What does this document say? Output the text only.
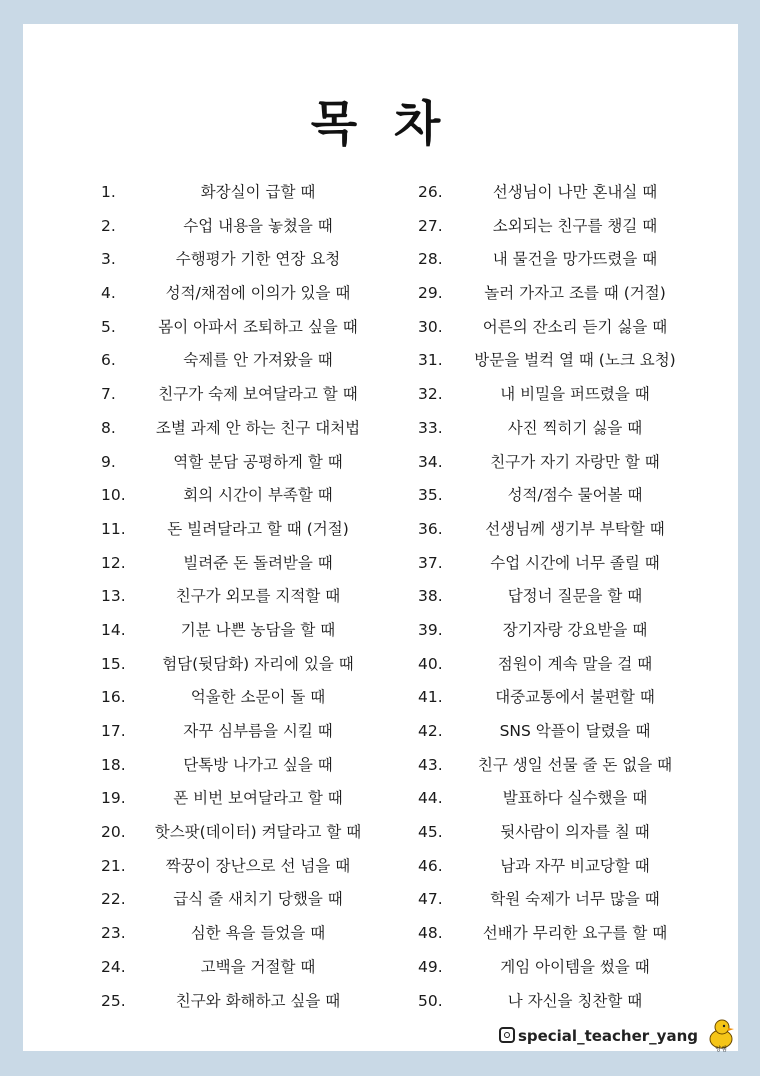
목 차
1.	화장실이 급할 때
2.	수업 내용을 놓쳤을 때
3.	수행평가 기한 연장 요청
4.	성적/채점에 이의가 있을 때
5.	몸이 아파서 조퇴하고 싶을 때
6.	숙제를 안 가져왔을 때
7.	친구가 숙제 보여달라고 할 때
8.	조별 과제 안 하는 친구 대처법
9.	역할 분담 공평하게 할 때
10.	회의 시간이 부족할 때
11.	돈 빌려달라고 할 때 (거절)
12.	빌려준 돈 돌려받을 때
13.	친구가 외모를 지적할 때
14.	기분 나쁜 농담을 할 때
15.	험담(뒷담화) 자리에 있을 때
16.	억울한 소문이 돌 때
17.	자꾸 심부름을 시킬 때
18.	단톡방 나가고 싶을 때
19.	폰 비번 보여달라고 할 때
20.	핫스팟(데이터) 켜달라고 할 때
21.	짝꿍이 장난으로 선 넘을 때
22.	급식 줄 새치기 당했을 때
23.	심한 욕을 들었을 때
24.	고백을 거절할 때
25.	친구와 화해하고 싶을 때
26.	선생님이 나만 혼내실 때
27.	소외되는 친구를 챙길 때
28.	내 물건을 망가뜨렸을 때
29.	놀러 가자고 조를 때 (거절)
30.	어른의 잔소리 듣기 싫을 때
31.	방문을 벌컥 열 때 (노크 요청)
32.	내 비밀을 퍼뜨렸을 때
33.	사진 찍히기 싫을 때
34.	친구가 자기 자랑만 할 때
35.	성적/점수 물어볼 때
36.	선생님께 생기부 부탁할 때
37.	수업 시간에 너무 졸릴 때
38.	답정너 질문을 할 때
39.	장기자랑 강요받을 때
40.	점원이 계속 말을 걸 때
41.	대중교통에서 불편할 때
42.	SNS 악플이 달렸을 때
43.	친구 생일 선물 줄 돈 없을 때
44.	발표하다 실수했을 때
45.	뒷사람이 의자를 칠 때
46.	남과 자꾸 비교당할 때
47.	학원 숙제가 너무 많을 때
48.	선배가 무리한 요구를 할 때
49.	게임 아이템을 썼을 때
50.	나 자신을 칭찬할 때
special_teacher_yang
양쌤
